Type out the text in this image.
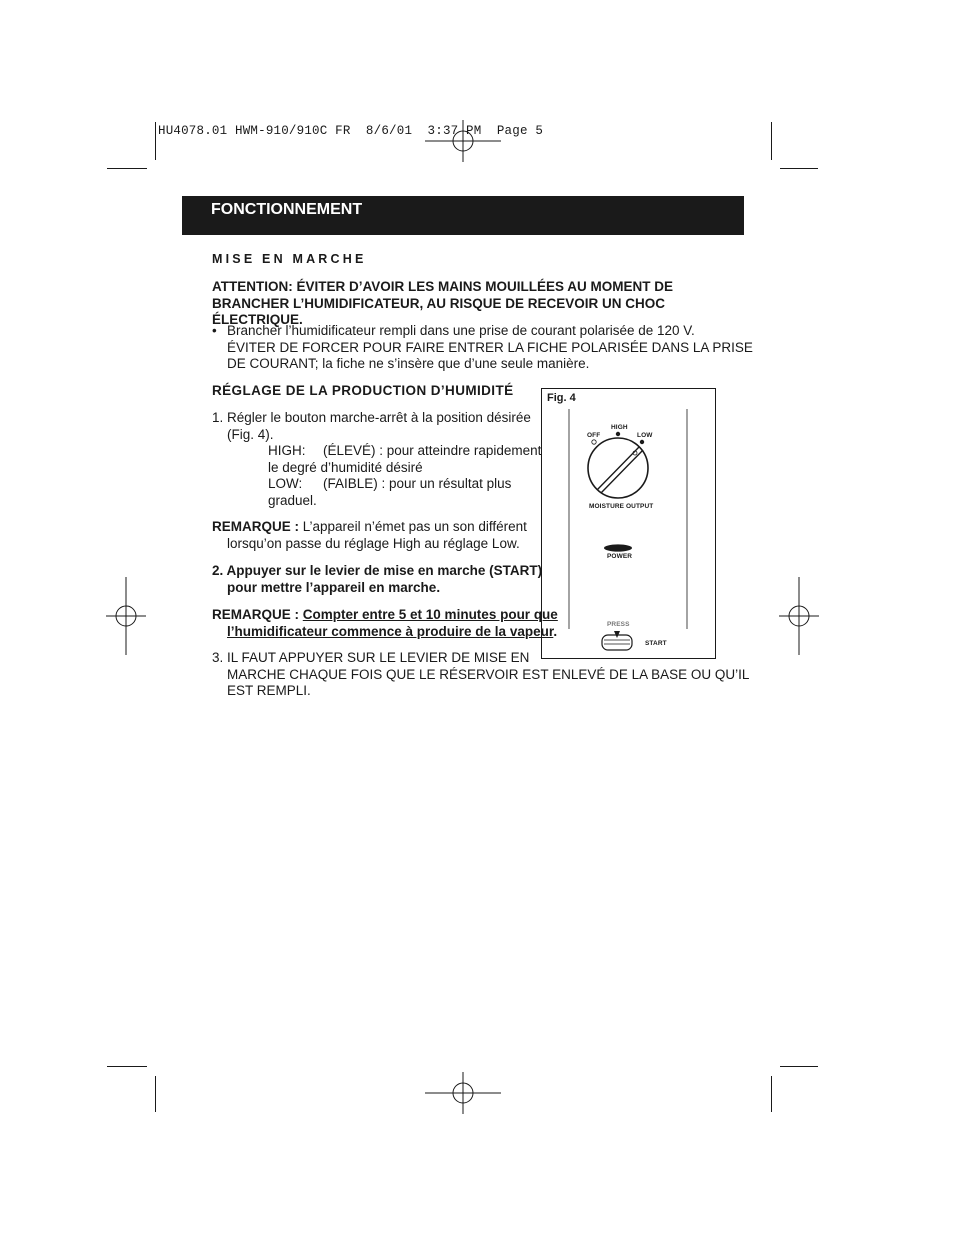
HU4078.01 HWM-910/910C FR  8/6/01  3:37 PM  Page 5
FONCTIONNEMENT
MISE EN MARCHE
ATTENTION: ÉVITER D’AVOIR LES MAINS MOUILLÉES AU MOMENT DE BRANCHER L’HUMIDIFICATEUR, AU RISQUE DE RECEVOIR UN CHOC ÉLECTRIQUE.
• Brancher l’humidificateur rempli dans une prise de courant polarisée de 120 V.
ÉVITER DE FORCER POUR FAIRE ENTRER LA FICHE POLARISÉE DANS LA PRISE
DE COURANT; la fiche ne s’insère que d’une seule manière.
RÉGLAGE DE LA PRODUCTION D’HUMIDITÉ
1. Régler le bouton marche-arrêt à la position désirée
(Fig. 4).
HIGH: (ÉLEVÉ) : pour atteindre rapidement
le degré d’humidité désiré
LOW: (FAIBLE) : pour un résultat plus
graduel.
REMARQUE : L’appareil n’émet pas un son différent
lorsqu’on passe du réglage High au réglage Low.
2. Appuyer sur le levier de mise en marche (START)
pour mettre l’appareil en marche.
REMARQUE : Compter entre 5 et 10 minutes pour que
l’humidificateur commence à produire de la vapeur.
3. IL FAUT APPUYER SUR LE LEVIER DE MISE EN
MARCHE CHAQUE FOIS QUE LE RÉSERVOIR EST ENLEVÉ DE LA BASE OU QU’IL
EST REMPLI.
Fig. 4
OFF
HIGH
LOW
MOISTURE OUTPUT
POWER
PRESS
START
